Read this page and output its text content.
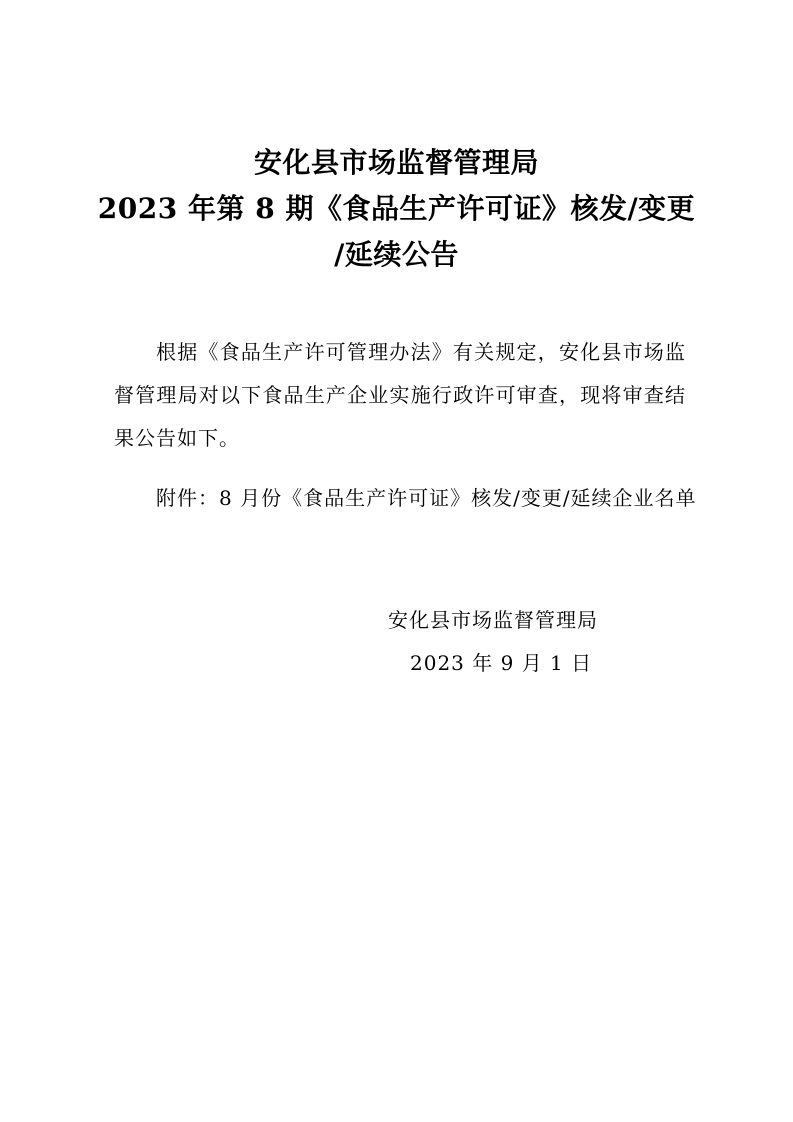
安化县市场监督管理局
2023 年第 8 期《食品生产许可证》核发/变更
/延续公告

根据《食品生产许可管理办法》有关规定，安化县市场监督管理局对以下食品生产企业实施行政许可审查，现将审查结果公告如下。

附件：8 月份《食品生产许可证》核发/变更/延续企业名单

安化县市场监督管理局
2023 年 9 月 1 日
